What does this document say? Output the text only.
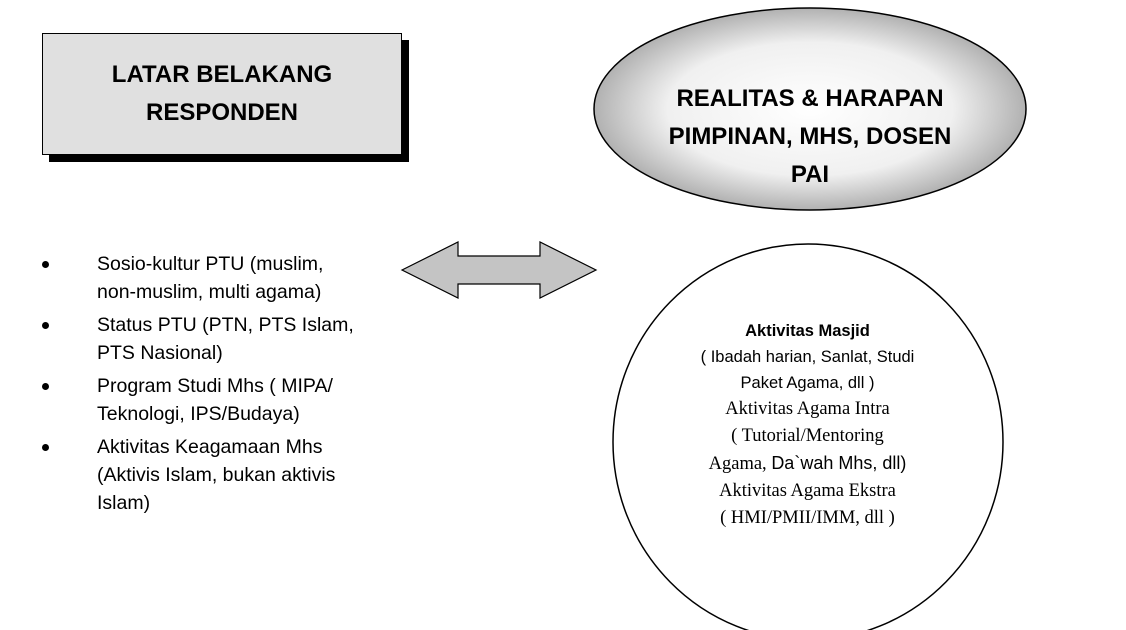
LATAR BELAKANG
RESPONDEN
REALITAS & HARAPAN
PIMPINAN, MHS, DOSEN
PAI
Sosio-kultur PTU (muslim,
non-muslim, multi agama)
Status PTU (PTN, PTS Islam,
PTS Nasional)
Program Studi Mhs ( MIPA/
Teknologi, IPS/Budaya)
Aktivitas Keagamaan Mhs
(Aktivis Islam, bukan aktivis
Islam)
Aktivitas Masjid
( Ibadah harian, Sanlat, Studi
Paket Agama, dll )
Aktivitas Agama Intra
( Tutorial/Mentoring
Agama, Da`wah Mhs, dll)
Aktivitas Agama Ekstra
( HMI/PMII/IMM, dll )
